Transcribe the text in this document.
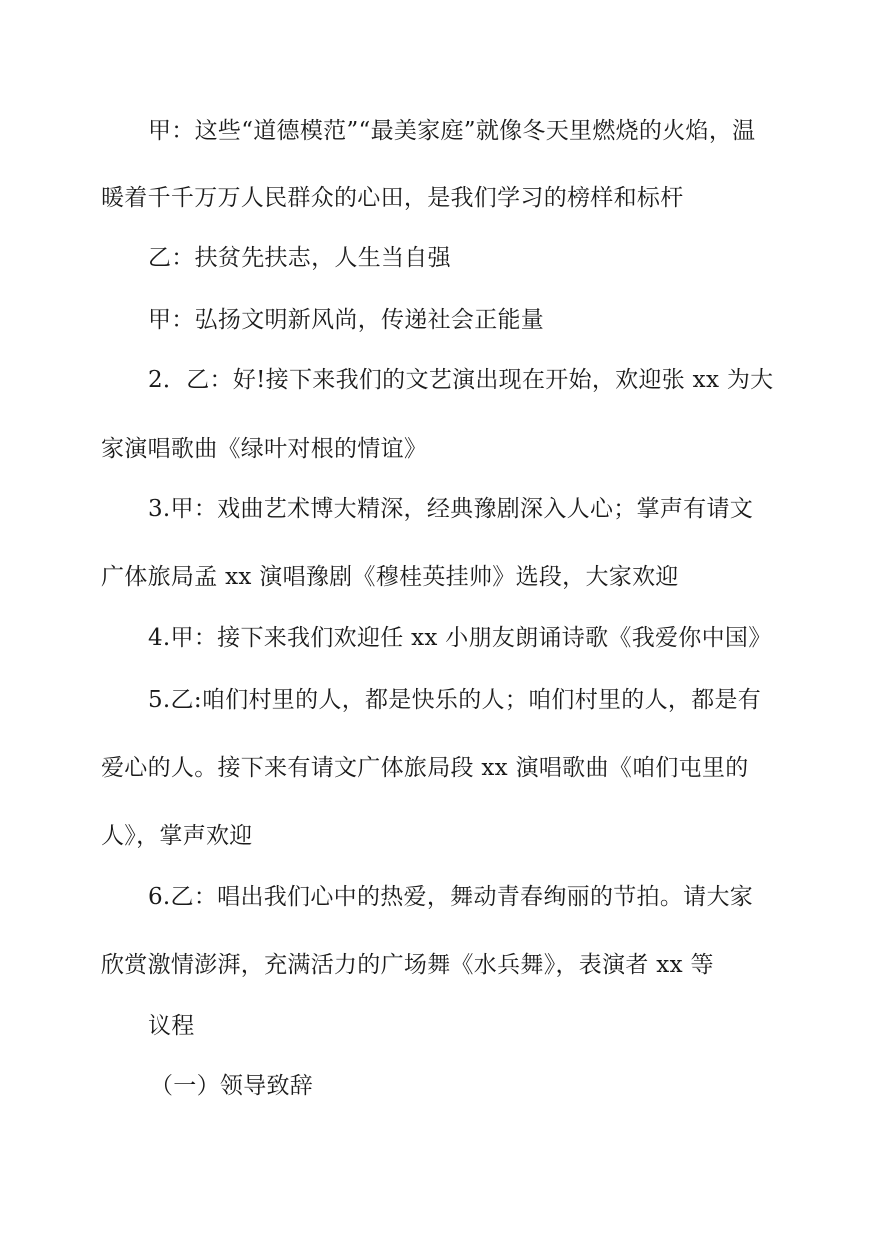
甲：这些“道德模范”“最美家庭”就像冬天里燃烧的火焰，温
暖着千千万万人民群众的心田，是我们学习的榜样和标杆
乙：扶贫先扶志，人生当自强
甲：弘扬文明新风尚，传递社会正能量
2．乙：好!接下来我们的文艺演出现在开始，欢迎张 xx 为大
家演唱歌曲《绿叶对根的情谊》
3.甲：戏曲艺术博大精深，经典豫剧深入人心；掌声有请文
广体旅局孟 xx 演唱豫剧《穆桂英挂帅》选段，大家欢迎
4.甲：接下来我们欢迎任 xx 小朋友朗诵诗歌《我爱你中国》
5.乙:咱们村里的人，都是快乐的人；咱们村里的人，都是有
爱心的人。接下来有请文广体旅局段 xx 演唱歌曲《咱们屯里的
人》，掌声欢迎
6.乙：唱出我们心中的热爱，舞动青春绚丽的节拍。请大家
欣赏激情澎湃，充满活力的广场舞《水兵舞》，表演者 xx 等
议程
（一）领导致辞
